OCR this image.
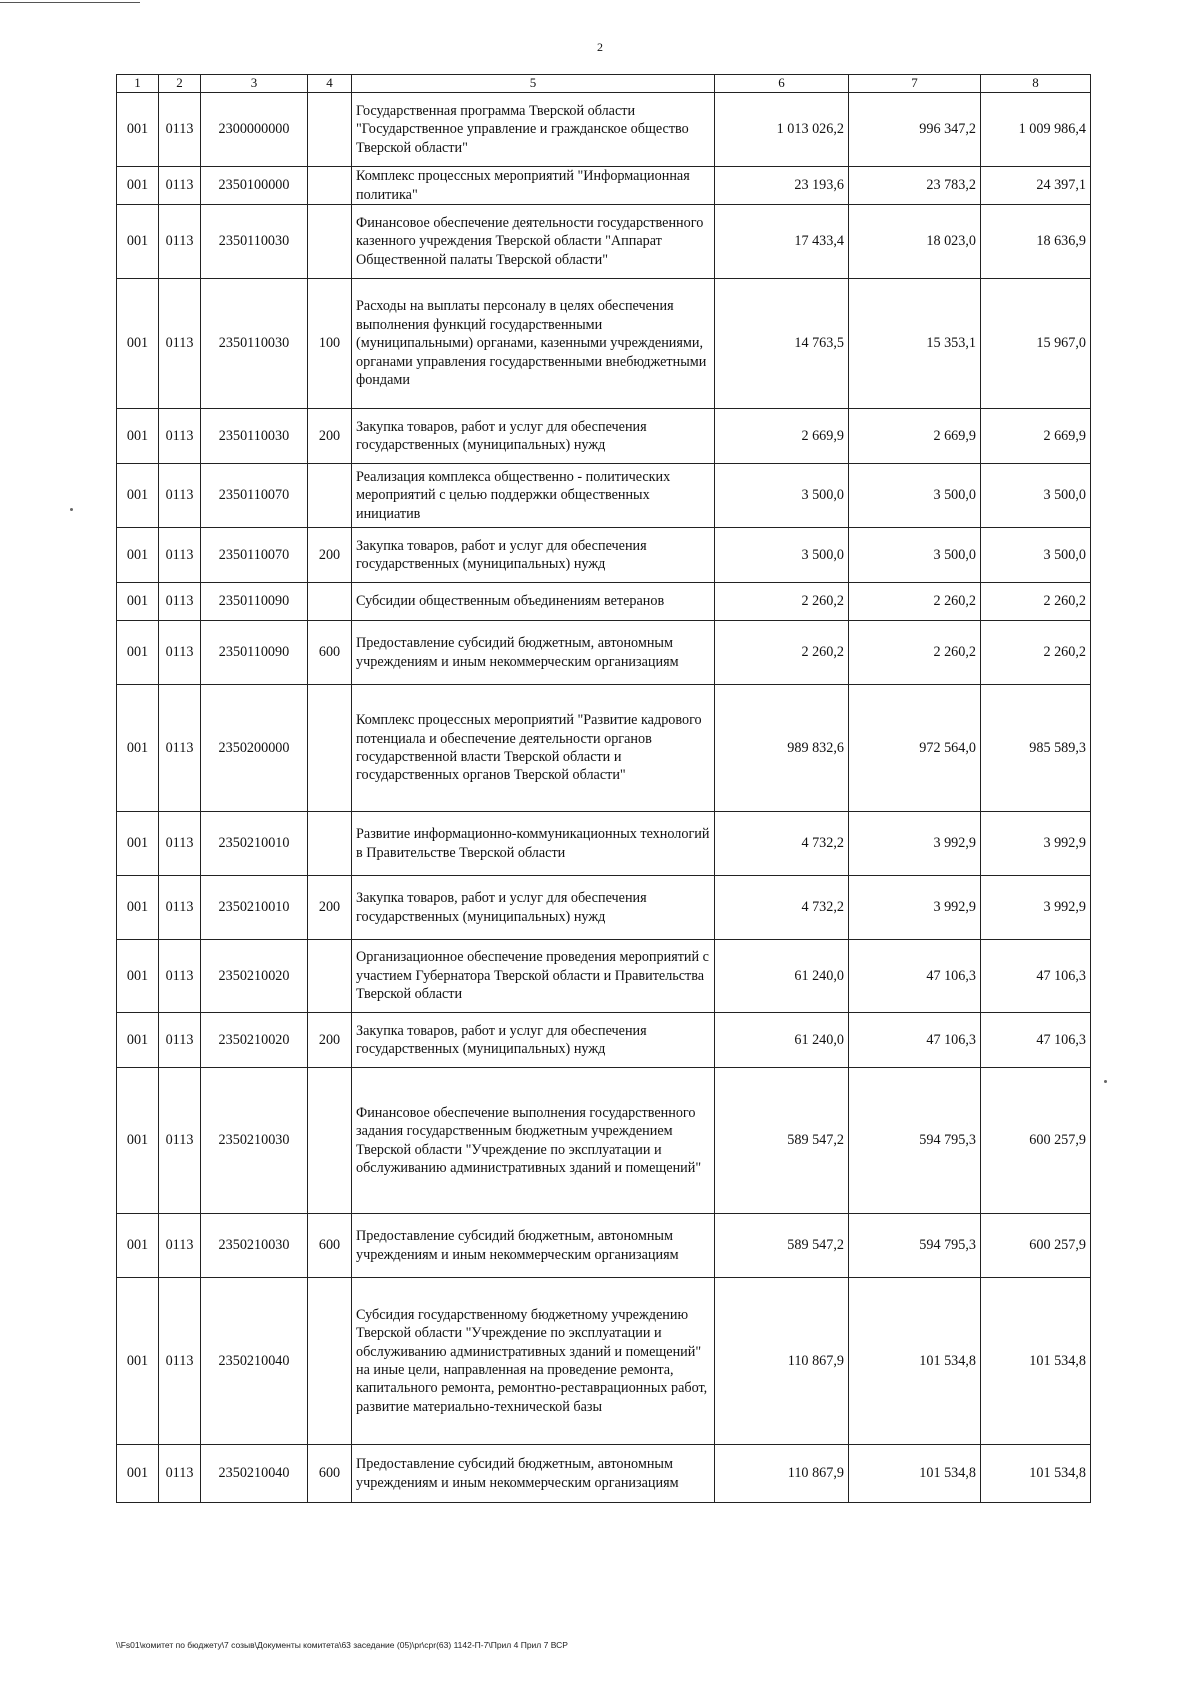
2
1	2	3	4	5	6	7	8
001	0113	2300000000		Государственная программа Тверской области "Государственное управление и гражданское общество Тверской области"	1 013 026,2	996 347,2	1 009 986,4
001	0113	2350100000		Комплекс процессных мероприятий "Информационная политика"	23 193,6	23 783,2	24 397,1
001	0113	2350110030		Финансовое обеспечение деятельности государственного казенного учреждения Тверской области "Аппарат Общественной палаты Тверской области"	17 433,4	18 023,0	18 636,9
001	0113	2350110030	100	Расходы на выплаты персоналу в целях обеспечения выполнения функций государственными (муниципальными) органами, казенными учреждениями, органами управления государственными внебюджетными фондами	14 763,5	15 353,1	15 967,0
001	0113	2350110030	200	Закупка товаров, работ и услуг для обеспечения государственных (муниципальных) нужд	2 669,9	2 669,9	2 669,9
001	0113	2350110070		Реализация комплекса общественно - политических мероприятий с целью поддержки общественных инициатив	3 500,0	3 500,0	3 500,0
001	0113	2350110070	200	Закупка товаров, работ и услуг для обеспечения государственных (муниципальных) нужд	3 500,0	3 500,0	3 500,0
001	0113	2350110090		Субсидии общественным объединениям ветеранов	2 260,2	2 260,2	2 260,2
001	0113	2350110090	600	Предоставление субсидий бюджетным, автономным учреждениям и иным некоммерческим организациям	2 260,2	2 260,2	2 260,2
001	0113	2350200000		Комплекс процессных мероприятий "Развитие кадрового потенциала и обеспечение деятельности органов государственной власти Тверской области и государственных органов Тверской области"	989 832,6	972 564,0	985 589,3
001	0113	2350210010		Развитие информационно-коммуникационных технологий в Правительстве Тверской области	4 732,2	3 992,9	3 992,9
001	0113	2350210010	200	Закупка товаров, работ и услуг для обеспечения государственных (муниципальных) нужд	4 732,2	3 992,9	3 992,9
001	0113	2350210020		Организационное обеспечение проведения мероприятий с участием Губернатора Тверской области и Правительства Тверской области	61 240,0	47 106,3	47 106,3
001	0113	2350210020	200	Закупка товаров, работ и услуг для обеспечения государственных (муниципальных) нужд	61 240,0	47 106,3	47 106,3
001	0113	2350210030		Финансовое обеспечение выполнения государственного задания государственным бюджетным учреждением Тверской области "Учреждение по эксплуатации и обслуживанию административных зданий и помещений"	589 547,2	594 795,3	600 257,9
001	0113	2350210030	600	Предоставление субсидий бюджетным, автономным учреждениям и иным некоммерческим организациям	589 547,2	594 795,3	600 257,9
001	0113	2350210040		Субсидия государственному бюджетному учреждению Тверской области "Учреждение по эксплуатации и обслуживанию административных зданий и помещений" на иные цели, направленная на проведение ремонта, капитального ремонта, ремонтно-реставрационных работ, развитие материально-технической базы	110 867,9	101 534,8	101 534,8
001	0113	2350210040	600	Предоставление субсидий бюджетным, автономным учреждениям и иным некоммерческим организациям	110 867,9	101 534,8	101 534,8
\\Fs01\комитет по бюджету\7 созыв\Документы комитета\63 заседание (05)\pr\cpr(63) 1142-П-7\Прил 4 Прил 7 ВСР
